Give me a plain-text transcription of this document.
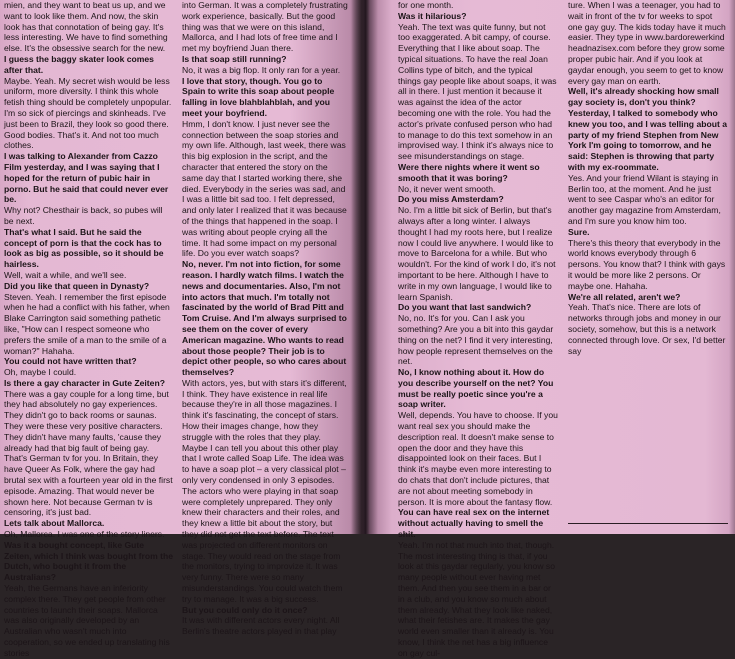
mien, and they want to beat us up, and we want to look like them. And now, the skin look has that connotation of being gay. It's less interesting. We have to find something else. It's the obsessive search for the new.

I guess the baggy skater look comes after that.

Maybe. Yeah. My secret wish would be less uniform, more diversity. I think this whole fetish thing should be completely unpopular. I'm so sick of piercings and skinheads. I've just been to Brazil, they look so good there. Good bodies. That's it. And not too much clothes.

I was talking to Alexander from Cazzo Film yesterday, and I was saying that I hoped for the return of pubic hair in porno. But he said that could never ever be.

Why not? Chesthair is back, so pubes will be next.

That's what I said. But he said the concept of porn is that the cock has to look as big as possible, so it should be hairless.

Well, wait a while, and we'll see.

Did you like that queen in Dynasty?

Steven. Yeah. I remember the first episode when he had a conflict with his father, when Blake Carrington said something pathetic like, "How can I respect someone who prefers the smile of a man to the smile of a woman?" Hahaha.

You could not have written that?

Oh, maybe I could.

Is there a gay character in Gute Zeiten?

There was a gay couple for a long time, but they had absolutely no gay experiences. They didn't go to back rooms or saunas. They were these very positive characters. They didn't have many faults, 'cause they already had that big fault of being gay. That's German tv for you. In Britain, they have Queer As Folk, where the gay had brutal sex with a fourteen year old in the first episode. Amazing. That would never be shown here. Not because German tv is censoring, it's just bad.

Lets talk about Mallorca.

Oh, Mallorca. I was one of the story liners.

Was it a bought concept, like Gute Zeiten, which I think was bought from the Dutch, who bought it from the Australians?

Yeah, the Germans have an inferiority complex there. They get people from other countries to launch their soaps. Mallorca was also originally developed by an Australian who wasn't much into cooperation, so we ended up translating his stories

into German. It was a completely frustrating work experience, basically. But the good thing was that we were on this island, Mallorca, and I had lots of free time and I met my boyfriend Juan there.

Is that soap still running?

No, it was a big flop. It only ran for a year.

I love that story, though. You go to Spain to write this soap about people falling in love blahblahblah, and you meet your boyfriend.

Hmm, I don't know. I just never see the connection between the soap stories and my own life. Although, last week, there was this big explosion in the script, and the character that entered the story on the same day that I started working there, she died. Everybody in the series was sad, and I was a little bit sad too. I felt depressed, and only later I realized that it was because of the things that happened in the soap. I was writing about people crying all the time. It had some impact on my personal life. Do you ever watch soaps?

No, never. I'm not into fiction, for some reason. I hardly watch films. I watch the news and documentaries. Also, I'm not into actors that much. I'm totally not fascinated by the world of Brad Pitt and Tom Cruise. And I'm always surprised to see them on the cover of every American magazine. Who wants to read about those people? Their job is to depict other people, so who cares about themselves?

With actors, yes, but with stars it's different, I think. They have existence in real life because they're in all those magazines. I think it's fascinating, the concept of stars. How their images change, how they struggle with the roles that they play. Maybe I can tell you about this other play that I wrote called Soap Life. The idea was to have a soap plot – a very classical plot – only very condensed in only 3 episodes. The actors who were playing in that soap were completely unprepared. They only knew their characters and their roles, and they knew a little bit about the story, but they did not get the text before. The text was projected on different monitors on stage. They would read on the stage from the monitors, trying to improvize it. It was very funny. There were so many misunderstandings. You could watch them try to manage. It was a big success.

But you could only do it once?

It was with different actors every night. All Berlin's theatre actors played in that play

for one month.

Was it hilarious?

Yeah. The text was quite funny, but not too exaggerated. A bit campy, of course. Everything that I like about soap. The typical situations. To have the real Joan Collins type of bitch, and the typical things gay people like about soaps, it was all in there. I just mention it because it was against the idea of the actor becoming one with the role. You had the actor's private confused person who had to manage to do this text somehow in an improvised way. I think it's always nice to see misunderstandings on stage.

Were there nights where it went so smooth that it was boring?

No, it never went smooth.

Do you miss Amsterdam?

No. I'm a little bit sick of Berlin, but that's always after a long winter. I always thought I had my roots here, but I realize now I could live anywhere. I would like to move to Barcelona for a while. But who wouldn't. For the kind of work I do, it's not important to be here. Although I have to write in my own language, I would like to learn Spanish.

Do you want that last sandwich?

No, no. It's for you. Can I ask you something? Are you a bit into this gaydar thing on the net? I find it very interesting, how people represent themselves on the net.

No, I know nothing about it. How do you describe yourself on the net? You must be really poetic since you're a soap writer.

Well, depends. You have to choose. If you want real sex you should make the description real. It doesn't make sense to open the door and they have this disappointed look on their faces. But I think it's maybe even more interesting to do chats that don't include pictures, that are not about meeting somebody in person. It is more about the fantasy flow.

You can have real sex on the internet without actually having to smell the shit.

Yeah. I'm not that much into that, though. The most interesting thing is that, if you look at this gaydar regularly, you know so many people without ever having met them. And then you see them in a bar or in a club, and you know so much about them already. What they look like naked, what their fetishes are. It makes the gay world even smaller than it already is. You know, I think the net has a big influence on gay cul-

ture. When I was a teenager, you had to wait in front of the tv for weeks to spot one gay guy. The kids today have it much easier. They type in www.bardorewerkind headnazisex.com before they grow some proper pubic hair. And if you look at gaydar enough, you seem to get to know every gay man on earth.

Well, it's already shocking how small gay society is, don't you think? Yesterday, I talked to somebody who knew you too, and I was telling about a party of my friend Stephen from New York I'm going to tomorrow, and he said: Stephen is throwing that party with my ex-roommate.

Yes. And your friend Wilant is staying in Berlin too, at the moment. And he just went to see Caspar who's an editor for another gay magazine from Amsterdam, and I'm sure you know him too.

Sure.

There's this theory that everybody in the world knows everybody through 6 persons. You know that? I think with gays it would be more like 2 persons. Or maybe one. Hahaha.

We're all related, aren't we?

Yeah. That's nice. There are lots of networks through jobs and money in our society, somehow, but this is a network connected through love. Or sex, I'd better say
